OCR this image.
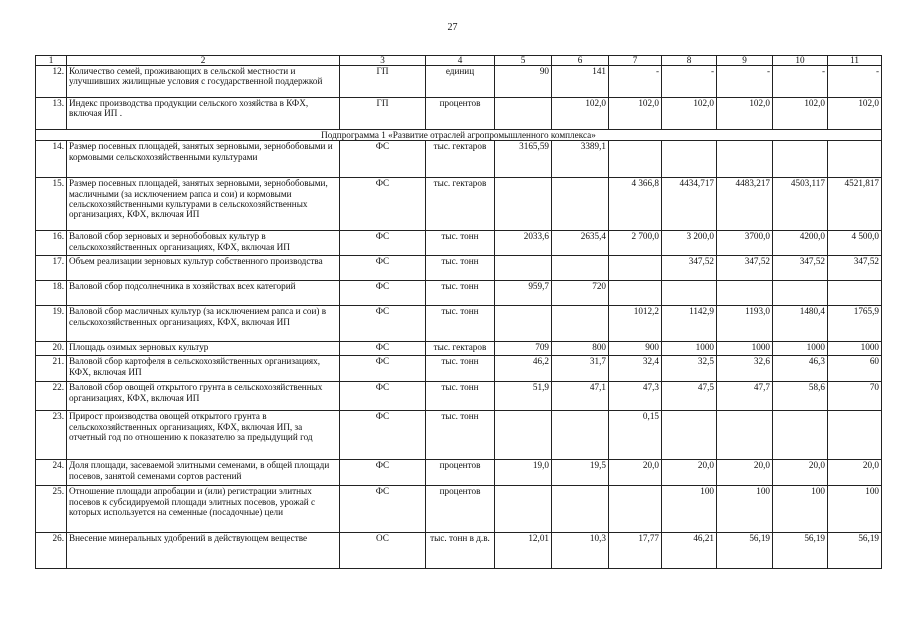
27
1	2	3	4	5	6	7	8	9	10	11
12.	Количество семей, проживающих в сельской местности и улучшивших жилищные условия с государственной поддержкой	ГП	единиц	90	141	-	-	-	-	-
13.	Индекс производства продукции сельского хозяйства в КФХ, включая ИП .	ГП	процентов		102,0	102,0	102,0	102,0	102,0	102,0
Подпрограмма 1 «Развитие отраслей агропромышленного комплекса»										
14.	Размер посевных площадей, занятых зерновыми, зернобобовыми и кормовыми сельскохозяйственными культурами	ФС	тыс. гектаров	3165,59	3389,1					
15.	Размер посевных площадей, занятых зерновыми, зернобобовыми, масличными (за исключением рапса и сои) и кормовыми сельскохозяйственными культурами в сельскохозяйственных организациях, КФХ, включая ИП	ФС	тыс. гектаров			4 366,8	4434,717	4483,217	4503,117	4521,817
16.	Валовой сбор зерновых и зернобобовых культур в сельскохозяйственных организациях, КФХ, включая ИП	ФС	тыс. тонн	2033,6	2635,4	2 700,0	3 200,0	3700,0	4200,0	4 500,0
17.	Объем реализации зерновых культур собственного производства	ФС	тыс. тонн				347,52	347,52	347,52	347,52
18.	Валовой сбор подсолнечника в хозяйствах всех категорий	ФС	тыс. тонн	959,7	720					
19.	Валовой сбор масличных культур (за исключением рапса и сои) в сельскохозяйственных организациях, КФХ, включая ИП	ФС	тыс. тонн			1012,2	1142,9	1193,0	1480,4	1765,9
20.	Площадь озимых зерновых культур	ФС	тыс. гектаров	709	800	900	1000	1000	1000	1000
21.	Валовой сбор картофеля в сельскохозяйственных организациях, КФХ, включая ИП	ФС	тыс. тонн	46,2	31,7	32,4	32,5	32,6	46,3	60
22.	Валовой сбор овощей открытого грунта в сельскохозяйственных организациях, КФХ, включая ИП	ФС	тыс. тонн	51,9	47,1	47,3	47,5	47,7	58,6	70
23.	Прирост производства овощей открытого грунта в сельскохозяйственных организациях, КФХ, включая ИП, за отчетный год по отношению к показателю за предыдущий год	ФС	тыс. тонн			0,15				
24.	Доля площади, засеваемой элитными семенами, в общей площади посевов, занятой семенами сортов растений	ФС	процентов	19,0	19,5	20,0	20,0	20,0	20,0	20,0
25.	Отношение площади апробации и (или) регистрации элитных посевов к субсидируемой площади элитных посевов, урожай с которых используется на семенные (посадочные) цели	ФС	процентов				100	100	100	100
26.	Внесение минеральных удобрений в действующем веществе	ОС	тыс. тонн в д.в.	12,01	10,3	17,77	46,21	56,19	56,19	56,19
